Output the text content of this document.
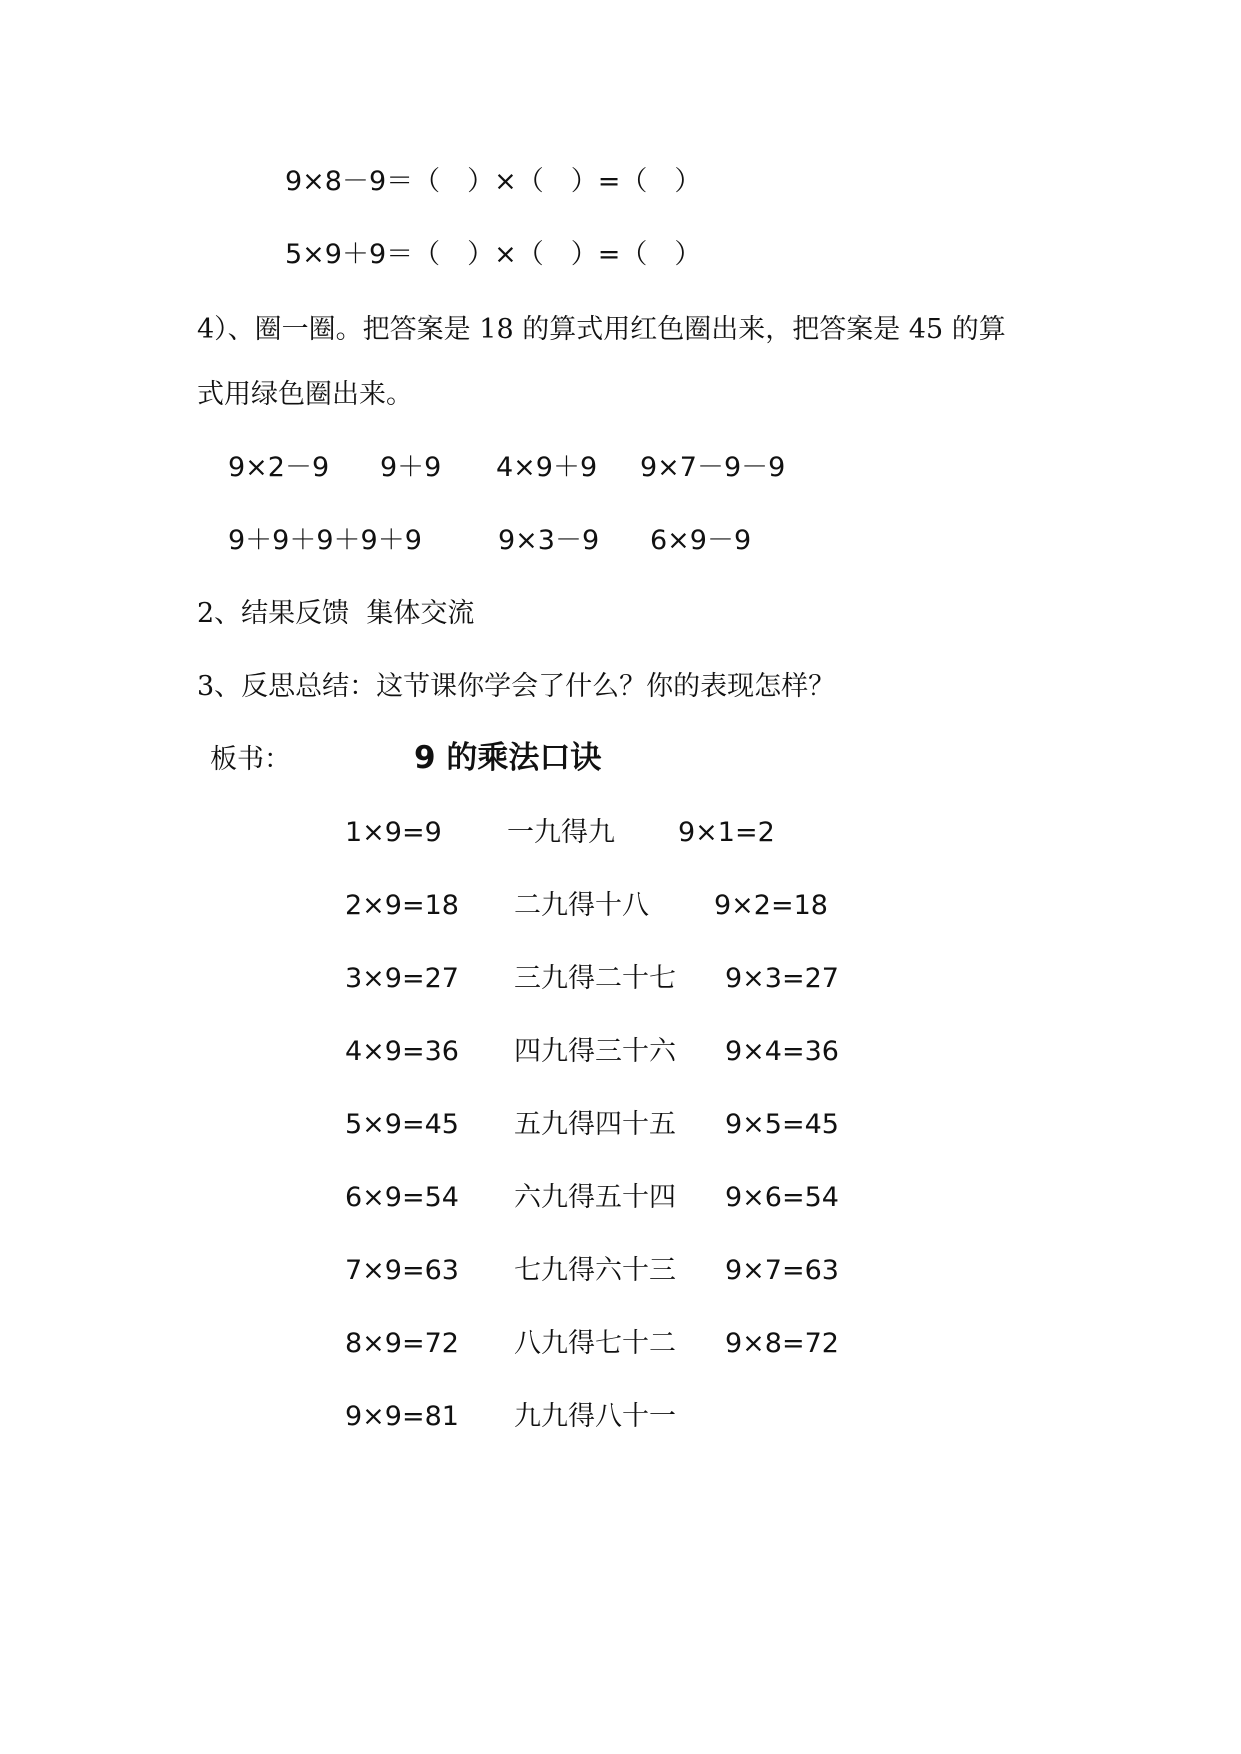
9×8－9＝（　）×（　）=（　）
5×9＋9＝（　）×（　）=（　）
4）、圈一圈。把答案是 18 的算式用红色圈出来，把答案是 45 的算
式用绿色圈出来。
9×2－9 9＋9 4×9＋9 9×7－9－9
9＋9＋9＋9＋9	9×3－9 6×9－9
2、结果反馈  集体交流
3、反思总结：这节课你学会了什么？你的表现怎样？
板书：	9 的乘法口诀
1×9=9 一九得九 9×1=2
2×9=18 二九得十八 9×2=18
3×9=27 三九得二十七 9×3=27
4×9=36 四九得三十六 9×4=36
5×9=45 五九得四十五 9×5=45
6×9=54 六九得五十四 9×6=54
7×9=63 七九得六十三 9×7=63
8×9=72 八九得七十二 9×8=72
9×9=81 九九得八十一
